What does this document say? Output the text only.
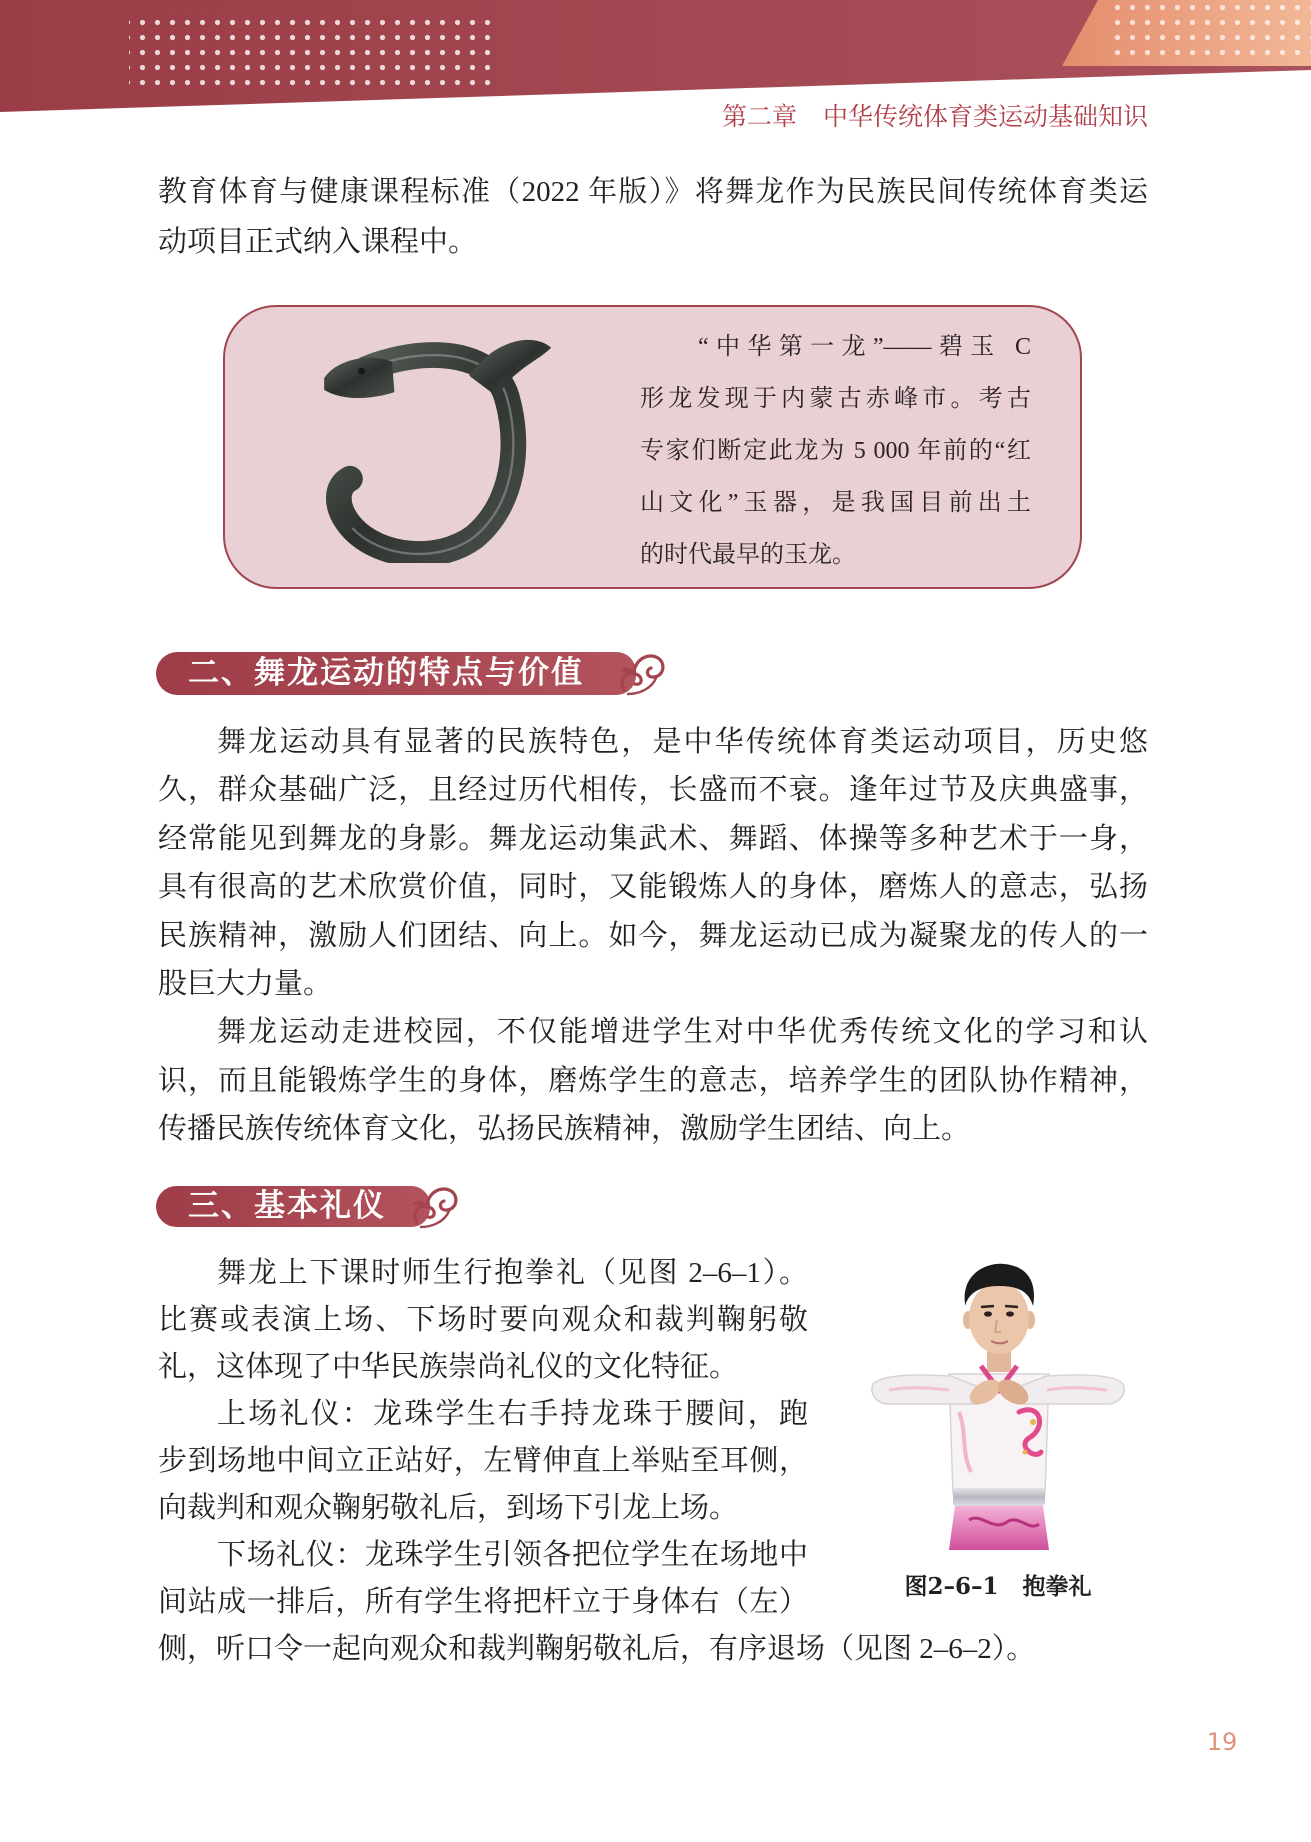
第二章 中华传统体育类运动基础知识
教育体育与健康课程标准（2022 年版）》将舞龙作为民族民间传统体育类运
动项目正式纳入课程中。
“中华第一龙”——碧玉 C
形龙发现于内蒙古赤峰市。考古
专家们断定此龙为 5 000 年前的“红
山文化”玉器，是我国目前出土
的时代最早的玉龙。
二、舞龙运动的特点与价值
舞龙运动具有显著的民族特色，是中华传统体育类运动项目，历史悠
久，群众基础广泛，且经过历代相传，长盛而不衰。逢年过节及庆典盛事，
经常能见到舞龙的身影。舞龙运动集武术、舞蹈、体操等多种艺术于一身，
具有很高的艺术欣赏价值，同时，又能锻炼人的身体，磨炼人的意志，弘扬
民族精神，激励人们团结、向上。如今，舞龙运动已成为凝聚龙的传人的一
股巨大力量。
舞龙运动走进校园，不仅能增进学生对中华优秀传统文化的学习和认
识，而且能锻炼学生的身体，磨炼学生的意志，培养学生的团队协作精神，
传播民族传统体育文化，弘扬民族精神，激励学生团结、向上。
三、基本礼仪
舞龙上下课时师生行抱拳礼（见图 2–6–1）。
比赛或表演上场、下场时要向观众和裁判鞠躬敬
礼，这体现了中华民族崇尚礼仪的文化特征。
上场礼仪：龙珠学生右手持龙珠于腰间，跑
步到场地中间立正站好，左臂伸直上举贴至耳侧，
向裁判和观众鞠躬敬礼后，到场下引龙上场。
下场礼仪：龙珠学生引领各把位学生在场地中
间站成一排后，所有学生将把杆立于身体右（左）
侧，听口令一起向观众和裁判鞠躬敬礼后，有序退场（见图 2–6–2）。
图2–6–1 抱拳礼
19
